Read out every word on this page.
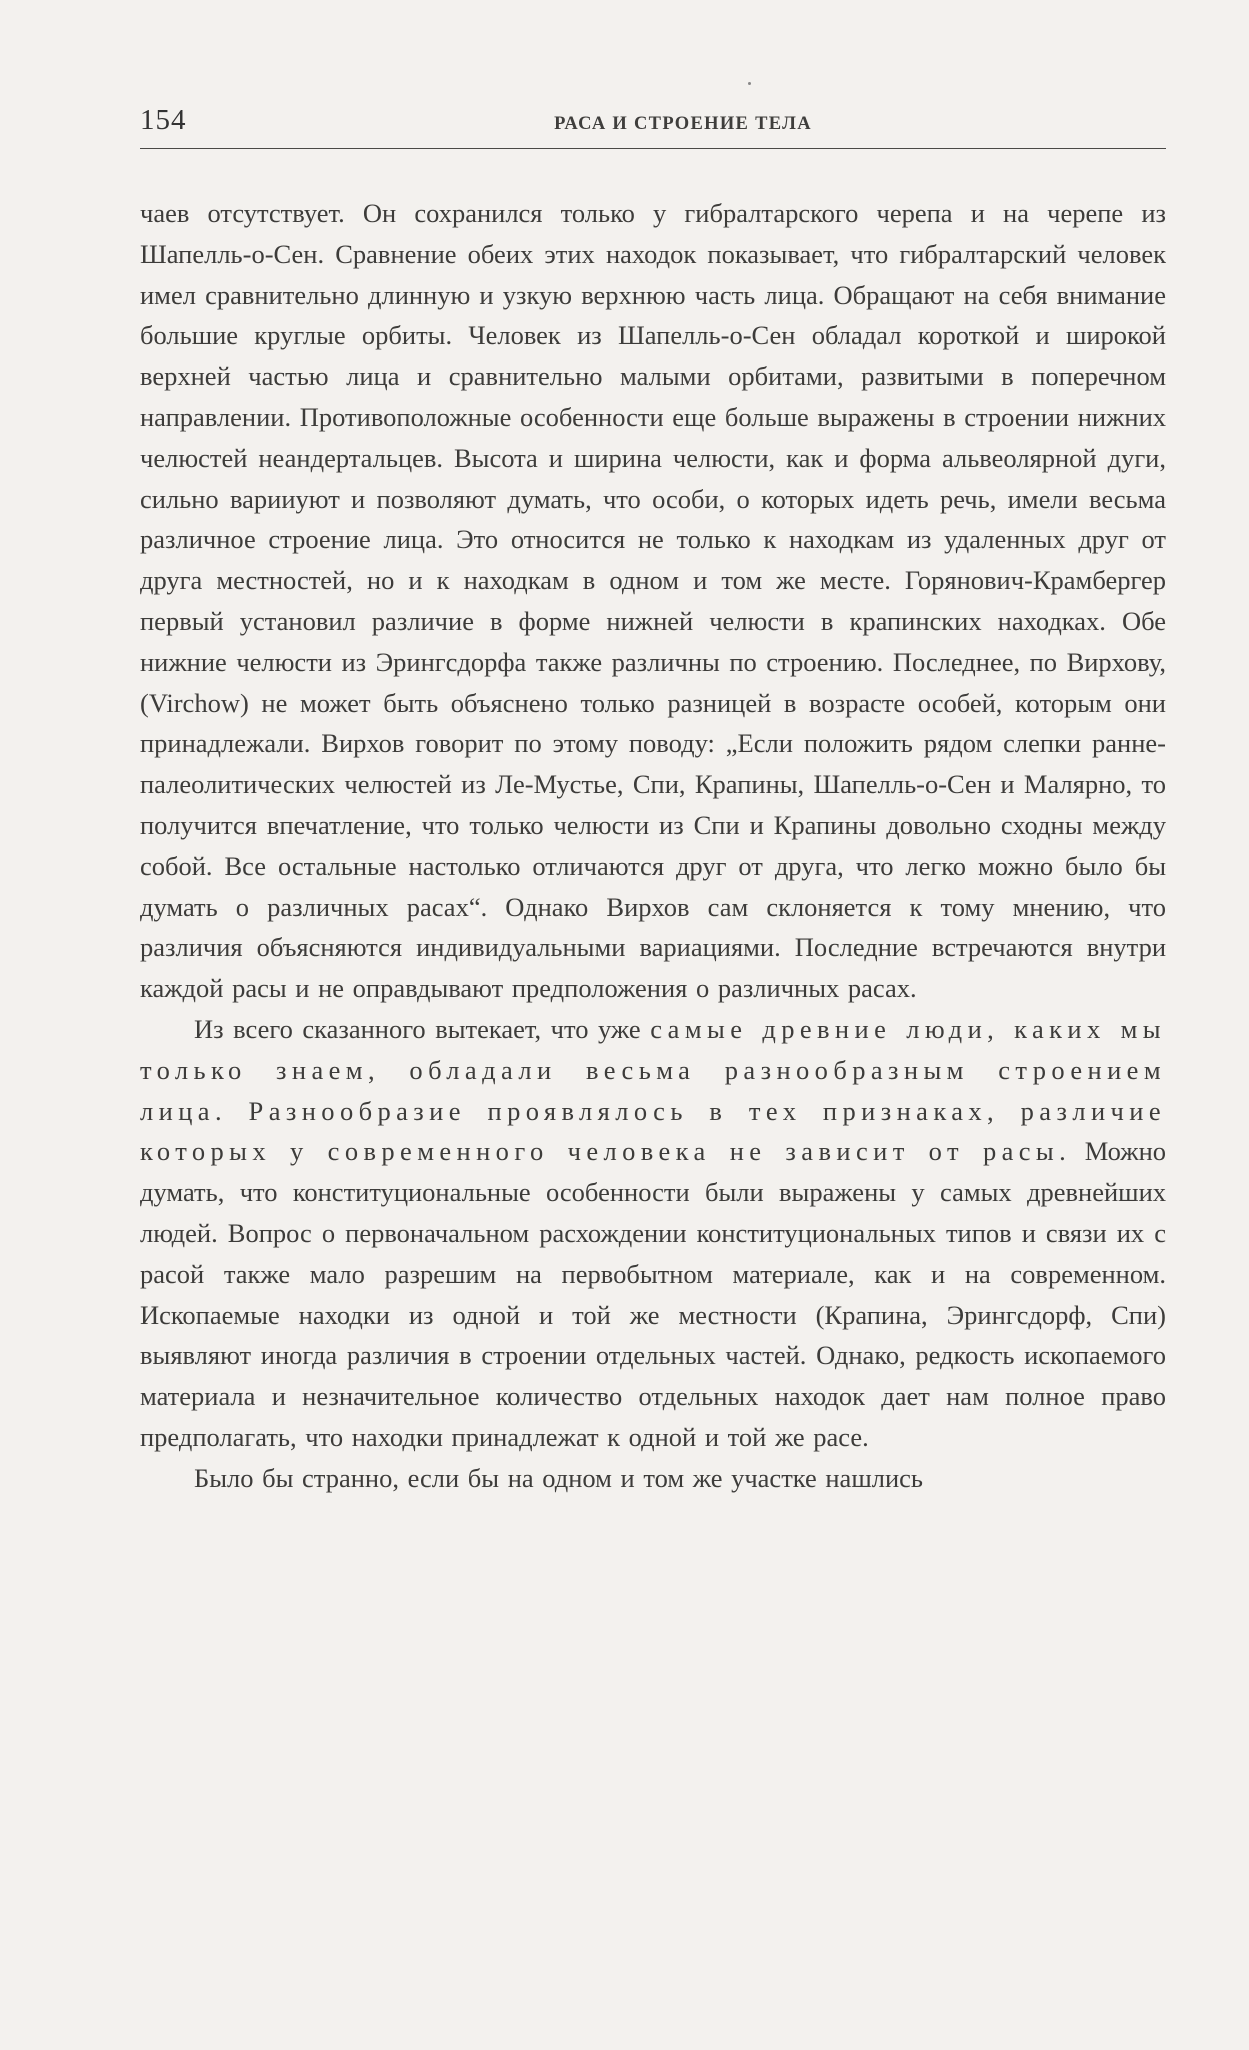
154	РАСА И СТРОЕНИЕ ТЕЛА

чаев отсутствует. Он сохранился только у гибралтарского черепа и на черепе из Шапелль-о-Сен. Сравнение обеих этих находок показывает, что гибралтарский человек имел сравнительно длинную и узкую верхнюю часть лица. Обращают на себя внимание большие круглые орбиты. Человек из Шапелль-о-Сен обладал короткой и широкой верхней частью лица и сравнительно малыми орбитами, развитыми в поперечном направлении. Противоположные особенности еще больше выражены в строении нижних челюстей неандертальцев. Высота и ширина челюсти, как и форма альвеолярной дуги, сильно варииуют и позволяют думать, что особи, о которых идеть речь, имели весьма различное строение лица. Это относится не только к находкам из удаленных друг от друга местностей, но и к находкам в одном и том же месте. Горянович-Крамбергер первый установил различие в форме нижней челюсти в крапинских находках. Обе нижние челюсти из Эрингсдорфа также различны по строению. Последнее, по Вирхову, (Virchow) не может быть объяснено только разницей в возрасте особей, которым они принадлежали. Вирхов говорит по этому поводу: „Если положить рядом слепки ранне-палеолитических челюстей из Ле-Мустье, Спи, Крапины, Шапелль-о-Сен и Малярно, то получится впечатление, что только челюсти из Спи и Крапины довольно сходны между собой. Все остальные настолько отличаются друг от друга, что легко можно было бы думать о различных расах“. Однако Вирхов сам склоняется к тому мнению, что различия объясняются индивидуальными вариациями. Последние встречаются внутри каждой расы и не оправдывают предположения о различных расах.

Из всего сказанного вытекает, что уже самые древние люди, каких мы только знаем, обладали весьма разнообразным строением лица. Разнообразие проявлялось в тех признаках, различие которых у современного человека не зависит от расы. Можно думать, что конституциональные особенности были выражены у самых древнейших людей. Вопрос о первоначальном расхождении конституциональных типов и связи их с расой также мало разрешим на первобытном материале, как и на современном. Ископаемые находки из одной и той же местности (Крапина, Эрингсдорф, Спи) выявляют иногда различия в строении отдельных частей. Однако, редкость ископаемого материала и незначительное количество отдельных находок дает нам полное право предполагать, что находки принадлежат к одной и той же расе.

Было бы странно, если бы на одном и том же участке нашлись
